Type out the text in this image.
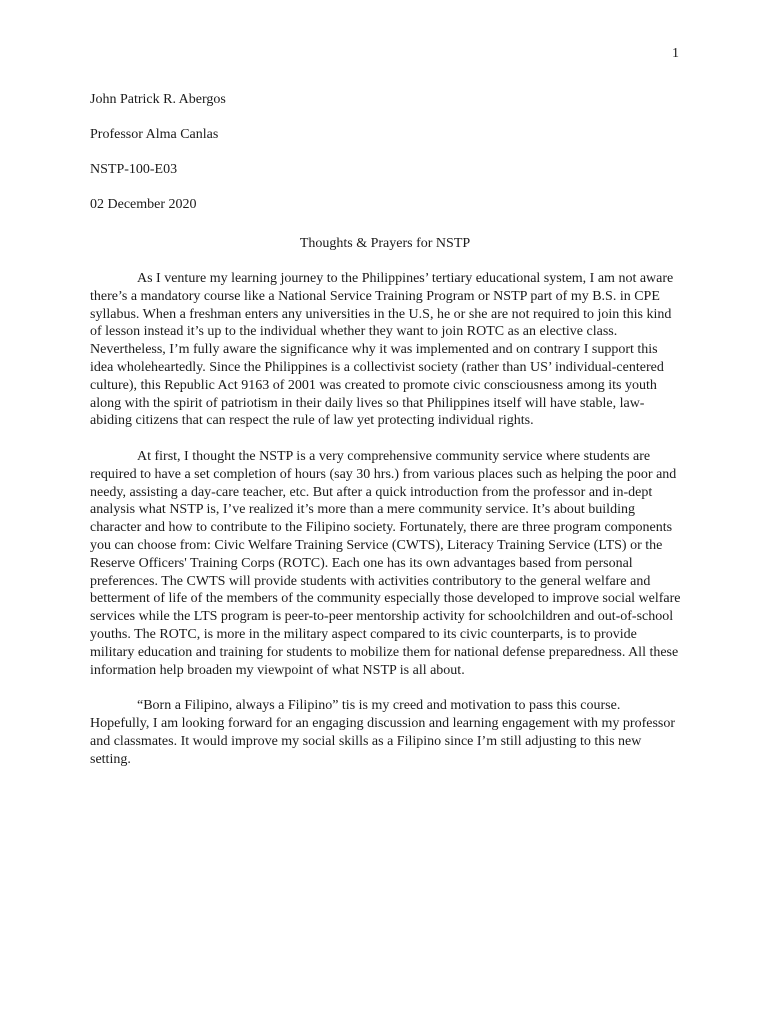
1
John Patrick R. Abergos
Professor Alma Canlas
NSTP-100-E03
02 December 2020
Thoughts & Prayers for NSTP

As I venture my learning journey to the Philippines’ tertiary educational system, I am not aware there’s a mandatory course like a National Service Training Program or NSTP part of my B.S. in CPE syllabus. When a freshman enters any universities in the U.S, he or she are not required to join this kind of lesson instead it’s up to the individual whether they want to join ROTC as an elective class. Nevertheless, I’m fully aware the significance why it was implemented and on contrary I support this idea wholeheartedly. Since the Philippines is a collectivist society (rather than US’ individual-centered culture), this Republic Act 9163 of 2001 was created to promote civic consciousness among its youth along with the spirit of patriotism in their daily lives so that Philippines itself will have stable, law-abiding citizens that can respect the rule of law yet protecting individual rights.

At first, I thought the NSTP is a very comprehensive community service where students are required to have a set completion of hours (say 30 hrs.) from various places such as helping the poor and needy, assisting a day-care teacher, etc. But after a quick introduction from the professor and in-dept analysis what NSTP is, I’ve realized it’s more than a mere community service. It’s about building character and how to contribute to the Filipino society. Fortunately, there are three program components you can choose from: Civic Welfare Training Service (CWTS), Literacy Training Service (LTS) or the Reserve Officers' Training Corps (ROTC). Each one has its own advantages based from personal preferences. The CWTS will provide students with activities contributory to the general welfare and betterment of life of the members of the community especially those developed to improve social welfare services while the LTS program is peer-to-peer mentorship activity for schoolchildren and out-of-school youths. The ROTC, is more in the military aspect compared to its civic counterparts, is to provide military education and training for students to mobilize them for national defense preparedness. All these information help broaden my viewpoint of what NSTP is all about.

“Born a Filipino, always a Filipino” tis is my creed and motivation to pass this course. Hopefully, I am looking forward for an engaging discussion and learning engagement with my professor and classmates. It would improve my social skills as a Filipino since I’m still adjusting to this new setting.
